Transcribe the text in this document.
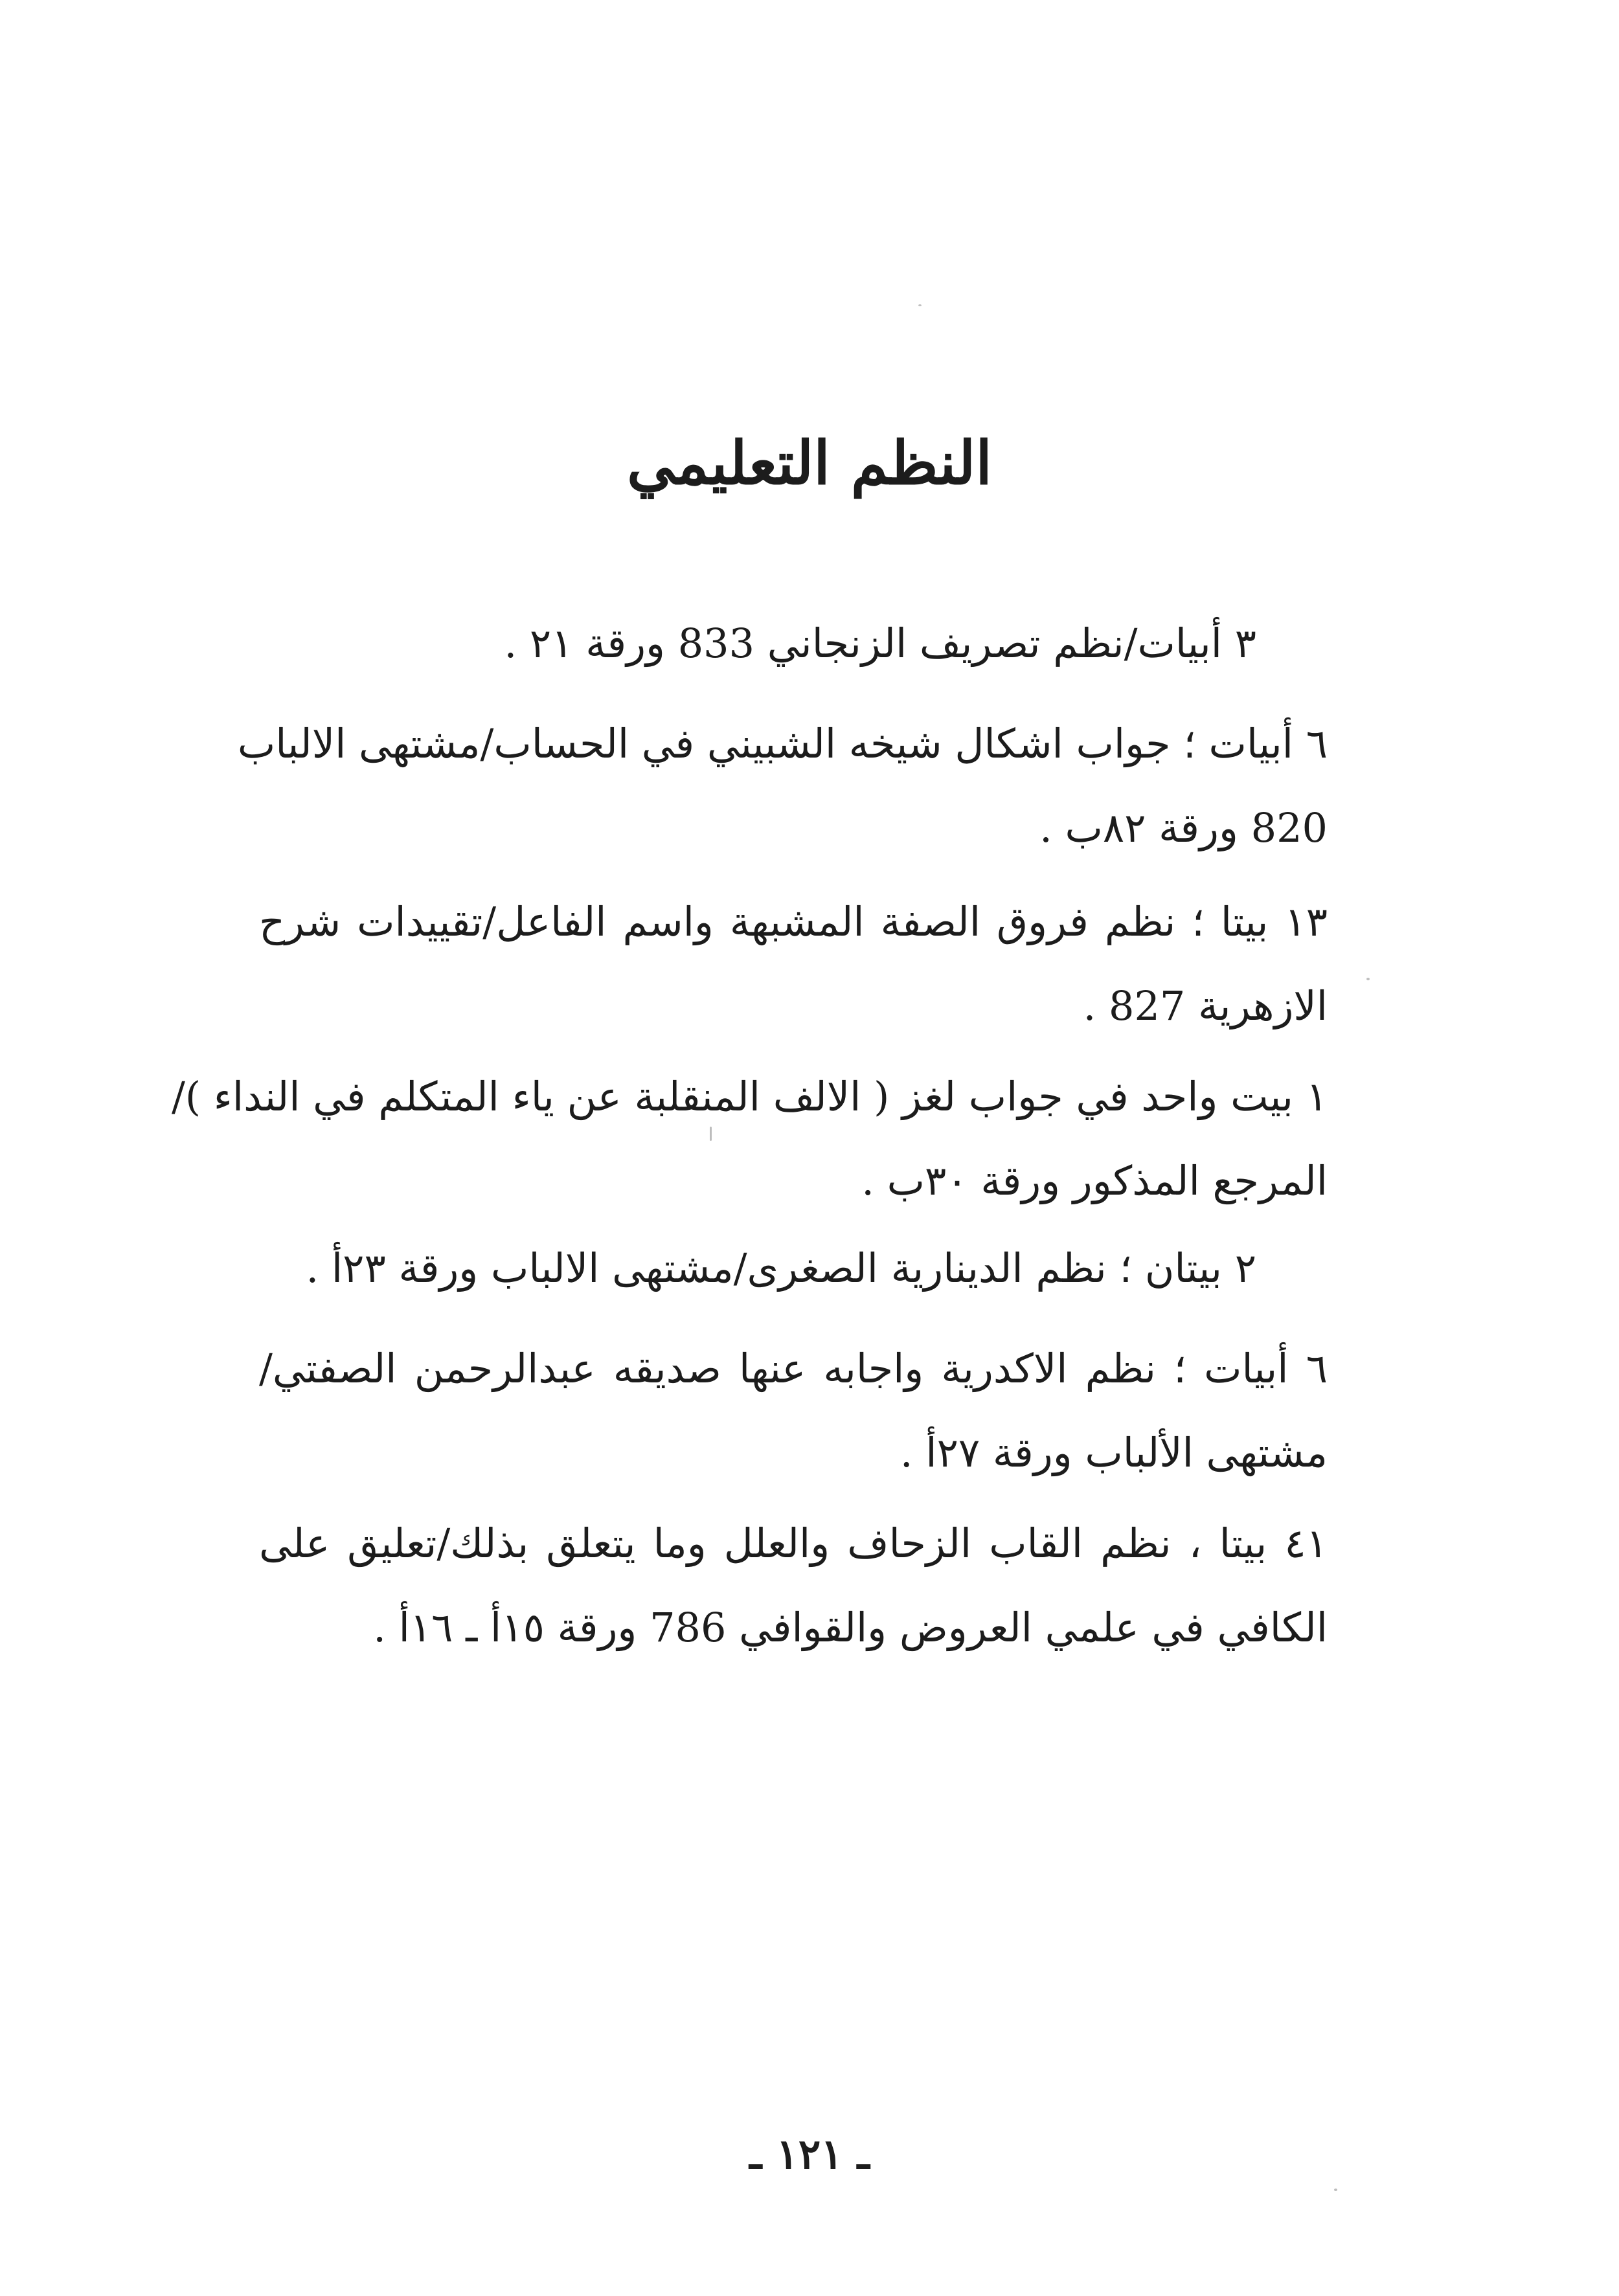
النظم التعليمي
٣ أبيات/نظم تصريف الزنجاني 833 ورقة ٢١ .
٦ أبيات ؛ جواب اشكال شيخه الشبيني في الحساب/مشتهى الالباب
820 ورقة ٨٢ب .
١٣ بيتا ؛ نظم فروق الصفة المشبهة واسم الفاعل/تقييدات شرح
الازهرية 827 .
١ بيت واحد في جواب لغز ( الالف المنقلبة عن ياء المتكلم في النداء )/
المرجع المذكور ورقة ٣٠ب .
٢ بيتان ؛ نظم الدينارية الصغرى/مشتهى الالباب ورقة ٢٣أ .
٦ أبيات ؛ نظم الاكدرية واجابه عنها صديقه عبدالرحمن الصفتي/
مشتهى الألباب ورقة ٢٧أ .
٤١ بيتا ، نظم القاب الزحاف والعلل وما يتعلق بذلك/تعليق على
الكافي في علمي العروض والقوافي 786 ورقة ١٥أ ـ ١٦أ .
ـ ١٢١ ـ
